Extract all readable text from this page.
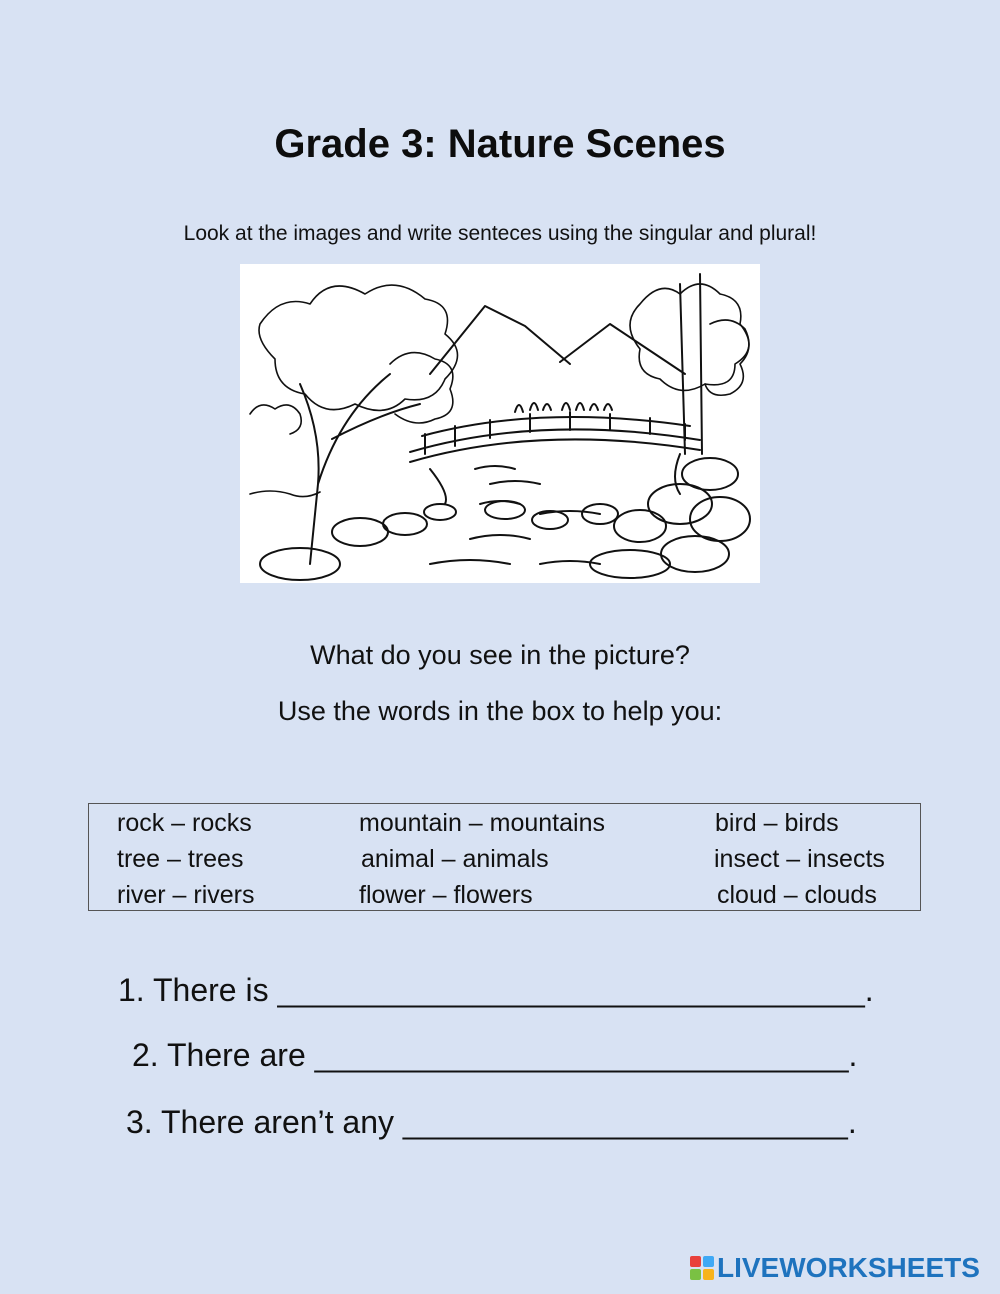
Grade 3: Nature Scenes
Look at the images and write senteces using the singular and plural!
What do you see in the picture?
Use the words in the box to help you:
rock – rocks	mountain – mountains	bird – birds
tree – trees	animal – animals	insect – insects
river – rivers	flower – flowers	cloud – clouds
1. There is _________________________________.
2. There are ______________________________.
3. There aren’t any _________________________.
LIVEWORKSHEETS
